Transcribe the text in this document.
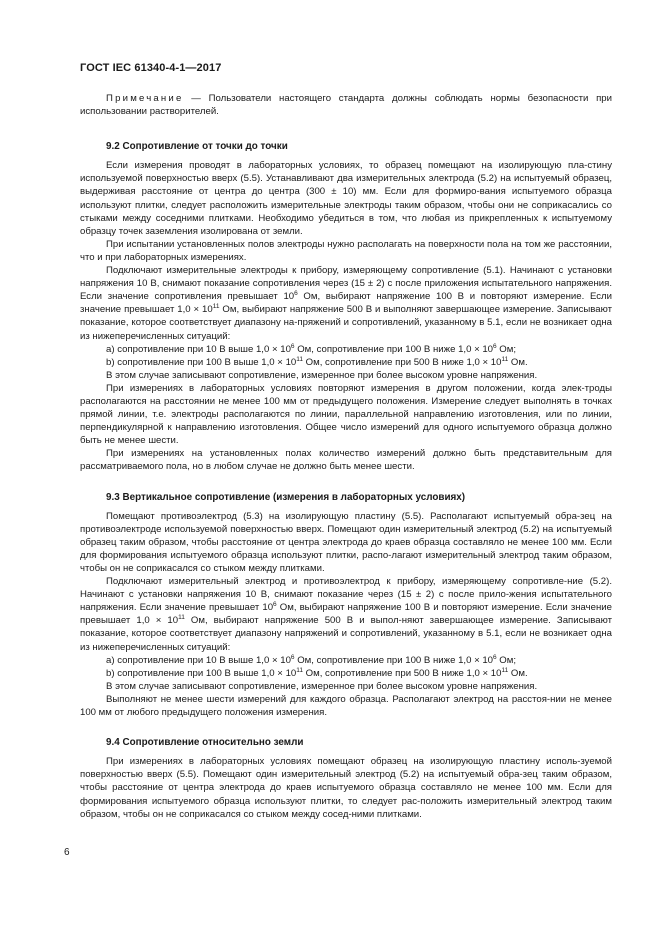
ГОСТ IEC 61340-4-1—2017

Примечание — Пользователи настоящего стандарта должны соблюдать нормы безопасности при использовании растворителей.

9.2 Сопротивление от точки до точки

Если измерения проводят в лабораторных условиях, то образец помещают на изолирующую пла-стину используемой поверхностью вверх (5.5). Устанавливают два измерительных электрода (5.2) на испытуемый образец, выдерживая расстояние от центра до центра (300 ± 10) мм. Если для формиро-вания испытуемого образца используют плитки, следует расположить измерительные электроды таким образом, чтобы они не соприкасались со стыками между соседними плитками. Необходимо убедиться в том, что любая из прикрепленных к испытуемому образцу точек заземления изолирована от земли.

При испытании установленных полов электроды нужно располагать на поверхности пола на том же расстоянии, что и при лабораторных измерениях.

Подключают измерительные электроды к прибору, измеряющему сопротивление (5.1). Начинают с установки напряжения 10 В, снимают показание сопротивления через (15 ± 2) с после приложения испытательного напряжения. Если значение сопротивления превышает $10^6$ Ом, выбирают напряжение 100 В и повторяют измерение. Если значение превышает $1,0 \times 10^{11}$ Ом, выбирают напряжение 500 В и выполняют завершающее измерение. Записывают показание, которое соответствует диапазону на-пряжений и сопротивлений, указанному в 5.1, если не возникает одна из нижеперечисленных ситуаций:

a) сопротивление при 10 В выше $1,0 \times 10^6$ Ом, сопротивление при 100 В ниже $1,0 \times 10^6$ Ом;

b) сопротивление при 100 В выше $1,0 \times 10^{11}$ Ом, сопротивление при 500 В ниже $1,0 \times 10^{11}$ Ом.

В этом случае записывают сопротивление, измеренное при более высоком уровне напряжения.

При измерениях в лабораторных условиях повторяют измерения в другом положении, когда элек-троды располагаются на расстоянии не менее 100 мм от предыдущего положения. Измерение следует выполнять в точках прямой линии, т.е. электроды располагаются по линии, параллельной направлению изготовления, или по линии, перпендикулярной к направлению изготовления. Общее число измерений для одного испытуемого образца должно быть не менее шести.

При измерениях на установленных полах количество измерений должно быть представительным для рассматриваемого пола, но в любом случае не должно быть менее шести.

9.3 Вертикальное сопротивление (измерения в лабораторных условиях)

Помещают противоэлектрод (5.3) на изолирующую пластину (5.5). Располагают испытуемый обра-зец на противоэлектроде используемой поверхностью вверх. Помещают один измерительный электрод (5.2) на испытуемый образец таким образом, чтобы расстояние от центра электрода до краев образца составляло не менее 100 мм. Если для формирования испытуемого образца используют плитки, распо-лагают измерительный электрод таким образом, чтобы он не соприкасался со стыком между плитками.

Подключают измерительный электрод и противоэлектрод к прибору, измеряющему сопротивле-ние (5.2). Начинают с установки напряжения 10 В, снимают показание через (15 ± 2) с после прило-жения испытательного напряжения. Если значение превышает $10^6$ Ом, выбирают напряжение 100 В и повторяют измерение. Если значение превышает $1,0 \times 10^{11}$ Ом, выбирают напряжение 500 В и выпол-няют завершающее измерение. Записывают показание, которое соответствует диапазону напряжений и сопротивлений, указанному в 5.1, если не возникает одна из нижеперечисленных ситуаций:

a) сопротивление при 10 В выше $1,0 \times 10^6$ Ом, сопротивление при 100 В ниже $1,0 \times 10^6$ Ом;

b) сопротивление при 100 В выше $1,0 \times 10^{11}$ Ом, сопротивление при 500 В ниже $1,0 \times 10^{11}$ Ом.

В этом случае записывают сопротивление, измеренное при более высоком уровне напряжения.

Выполняют не менее шести измерений для каждого образца. Располагают электрод на расстоя-нии не менее 100 мм от любого предыдущего положения измерения.

9.4 Сопротивление относительно земли

При измерениях в лабораторных условиях помещают образец на изолирующую пластину исполь-зуемой поверхностью вверх (5.5). Помещают один измерительный электрод (5.2) на испытуемый обра-зец таким образом, чтобы расстояние от центра электрода до краев испытуемого образца составляло не менее 100 мм. Если для формирования испытуемого образца используют плитки, то следует рас-положить измерительный электрод таким образом, чтобы он не соприкасался со стыком между сосед-ними плитками.

6
